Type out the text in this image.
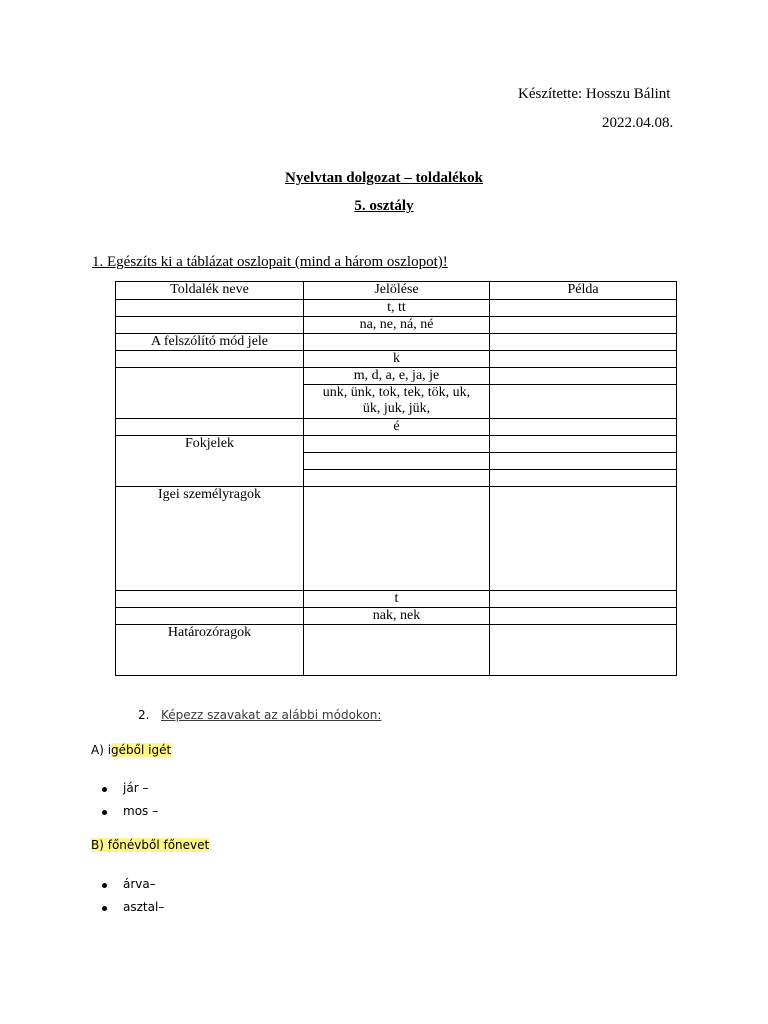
Készítette: Hosszu Bálint
2022.04.08.
Nyelvtan dolgozat – toldalékok
5. osztály
1. Egészíts ki a táblázat oszlopait (mind a három oszlopot)!
Toldalék neve	Jelölése	Példa
	t, tt	
	na, ne, ná, né	
A felszólító mód jele		
	k	
	m, d, a, e, ja, je	
	unk, ünk, tok, tek, tök, uk,
ük, juk, jük,	
	é	
Fokjelek		

Igei személyragok		
	t	
	nak, nek	
Határozóragok		
2. Képezz szavakat az alábbi módokon:
A) igéből igét
jár –
mos –
B) főnévből főnevet
árva–
asztal–
